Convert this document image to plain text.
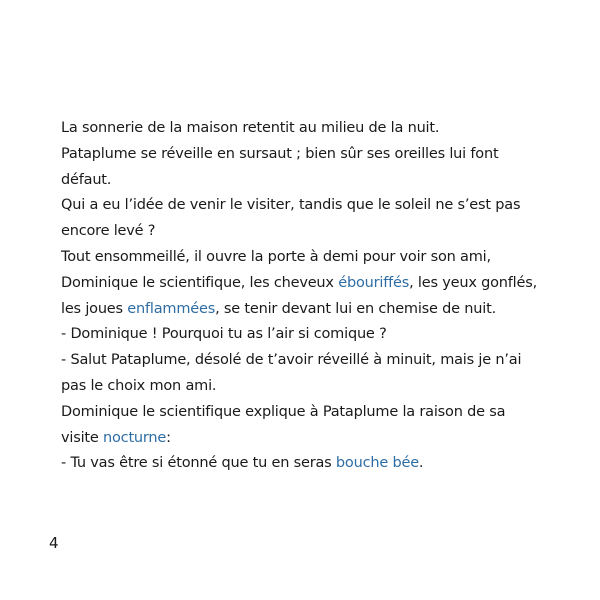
La sonnerie de la maison retentit au milieu de la nuit.
Pataplume se réveille en sursaut ; bien sûr ses oreilles lui font
défaut.
Qui a eu l’idée de venir le visiter, tandis que le soleil ne s’est pas
encore levé ?
Tout ensommeillé, il ouvre la porte à demi pour voir son ami,
Dominique le scientifique, les cheveux ébouriffés, les yeux gonflés,
les joues enflammées, se tenir devant lui en chemise de nuit.
- Dominique ! Pourquoi tu as l’air si comique ?
- Salut Pataplume, désolé de t’avoir réveillé à minuit, mais je n’ai
pas le choix mon ami.
Dominique le scientifique explique à Pataplume la raison de sa
visite nocturne:
- Tu vas être si étonné que tu en seras bouche bée.
4
